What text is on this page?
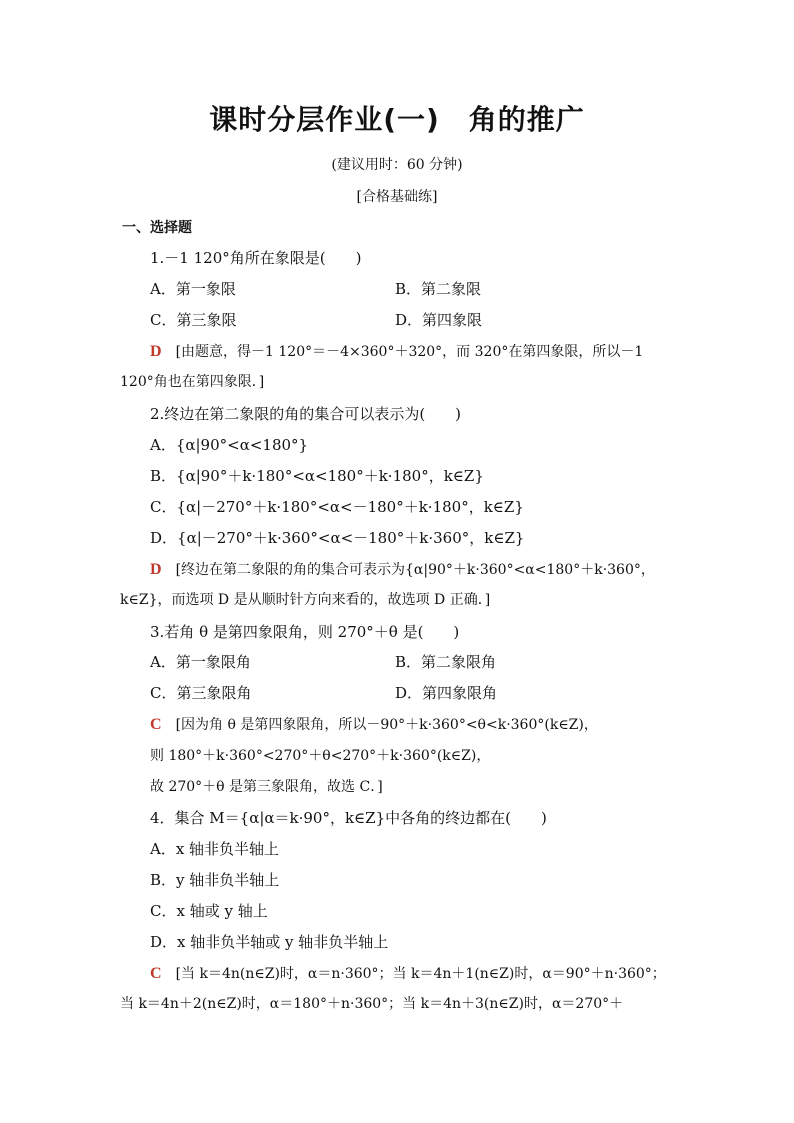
课时分层作业(一)　角的推广
(建议用时：60 分钟)
[合格基础练]
一、选择题
1.－1 120°角所在象限是(　　)
A．第一象限	B．第二象限
C．第三象限	D．第四象限
D [由题意，得－1 120°＝－4×360°＋320°，而 320°在第四象限，所以－1
120°角也在第四象限．]
2.终边在第二象限的角的集合可以表示为(　　)
A．{α|90°<α<180°}
B．{α|90°＋k·180°<α<180°＋k·180°，k∈Z}
C．{α|－270°＋k·180°<α<－180°＋k·180°，k∈Z}
D．{α|－270°＋k·360°<α<－180°＋k·360°，k∈Z}
D [终边在第二象限的角的集合可表示为{α|90°＋k·360°<α<180°＋k·360°，
k∈Z}，而选项 D 是从顺时针方向来看的，故选项 D 正确．]
3.若角 θ 是第四象限角，则 270°＋θ 是(　　)
A．第一象限角	B．第二象限角
C．第三象限角	D．第四象限角
C [因为角 θ 是第四象限角，所以－90°＋k·360°<θ<k·360°(k∈Z)，
则 180°＋k·360°<270°＋θ<270°＋k·360°(k∈Z)，
故 270°＋θ 是第三象限角，故选 C．]
4．集合 M＝{α|α＝k·90°，k∈Z}中各角的终边都在(　　)
A．x 轴非负半轴上
B．y 轴非负半轴上
C．x 轴或 y 轴上
D．x 轴非负半轴或 y 轴非负半轴上
C [当 k＝4n(n∈Z)时，α＝n·360°；当 k＝4n＋1(n∈Z)时，α＝90°＋n·360°；
当 k＝4n＋2(n∈Z)时，α＝180°＋n·360°；当 k＝4n＋3(n∈Z)时，α＝270°＋
